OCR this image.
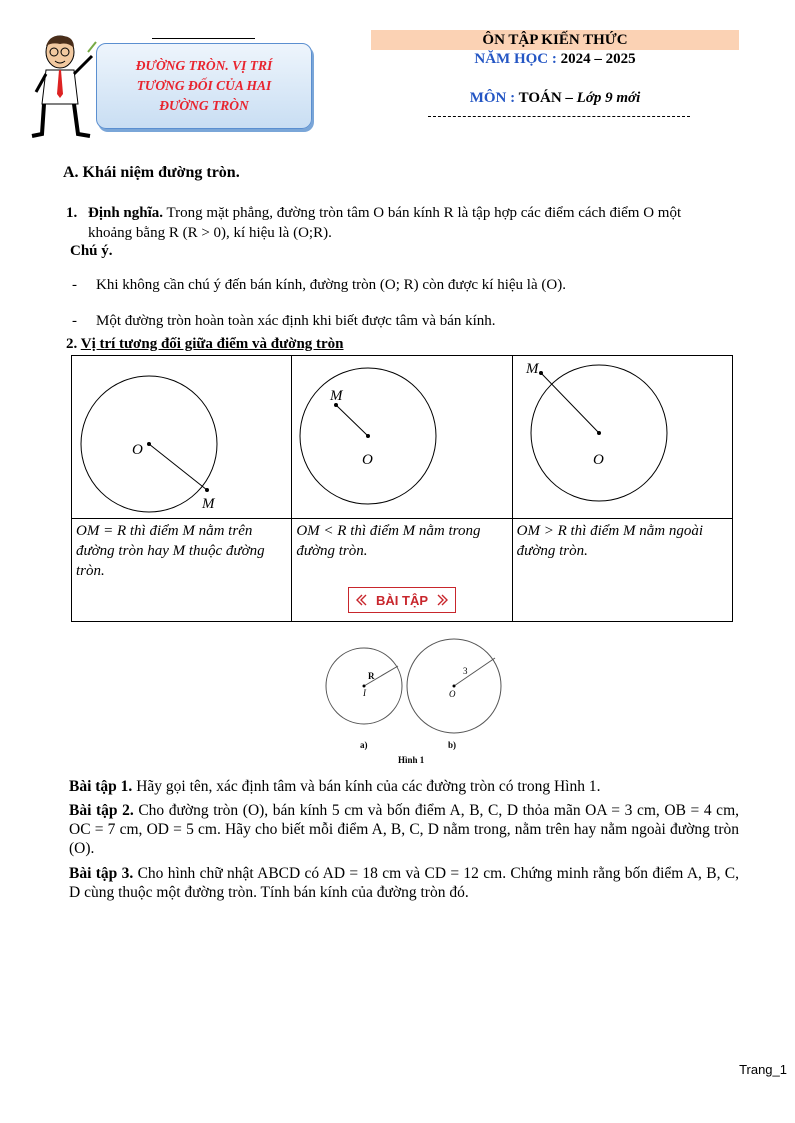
ĐƯỜNG TRÒN. VỊ TRÍ
TƯƠNG ĐỐI CỦA HAI
ĐƯỜNG TRÒN
ÔN TẬP KIẾN THỨC
NĂM HỌC : 2024 – 2025
MÔN : TOÁN – Lớp 9 mới
A. Khái niệm đường tròn.
1. Định nghĩa. Trong mặt phẳng, đường tròn tâm O bán kính R là tập hợp các điểm cách điểm O một
khoảng bằng R (R > 0), kí hiệu là (O;R).
Chú ý.
- Khi không cần chú ý đến bán kính, đường tròn (O; R) còn được kí hiệu là (O).
- Một đường tròn hoàn toàn xác định khi biết được tâm và bán kính.
2. Vị trí tương đối giữa điểm và đường tròn
O
M	M
O	M
O

OM = R thì điểm M nằm trên đường tròn hay M thuộc đường tròn.	OM < R thì điểm M nằm trong đường tròn.	OM > R thì điểm M nằm ngoài đường tròn.
BÀI TẬP
R
I
3
O
a)	b)
Hình 1
Bài tập 1. Hãy gọi tên, xác định tâm và bán kính của các đường tròn có trong Hình 1.
Bài tập 2. Cho đường tròn (O), bán kính 5 cm và bốn điểm A, B, C, D thỏa mãn OA = 3 cm, OB = 4 cm, OC = 7 cm, OD = 5 cm. Hãy cho biết mỗi điểm A, B, C, D nằm trong, nằm trên hay nằm ngoài đường tròn (O).
Bài tập 3. Cho hình chữ nhật ABCD có AD = 18 cm và CD = 12 cm. Chứng minh rằng bốn điểm A, B, C, D cùng thuộc một đường tròn. Tính bán kính của đường tròn đó.
Trang_1
